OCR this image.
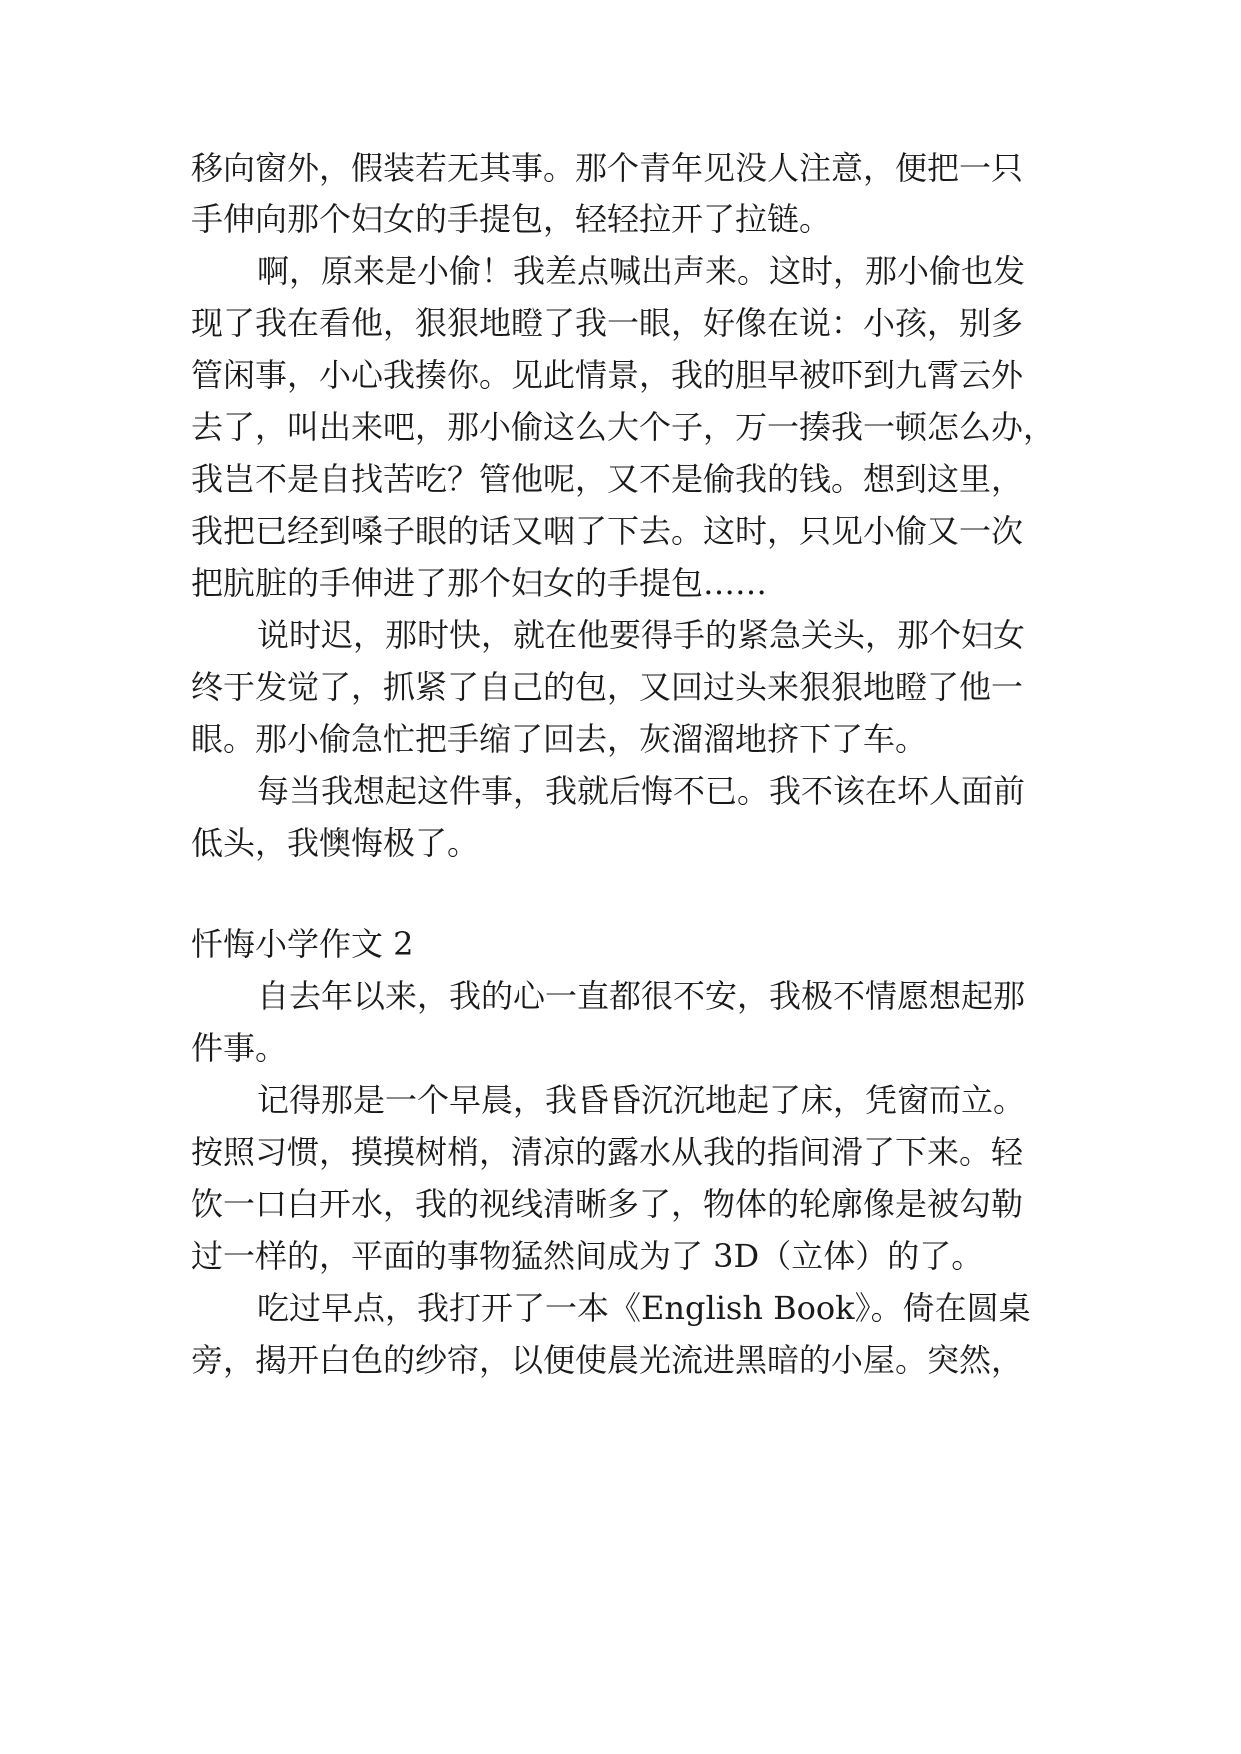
移向窗外，假装若无其事。那个青年见没人注意，便把一只
手伸向那个妇女的手提包，轻轻拉开了拉链。
啊，原来是小偷！我差点喊出声来。这时，那小偷也发
现了我在看他，狠狠地瞪了我一眼，好像在说：小孩，别多
管闲事，小心我揍你。见此情景，我的胆早被吓到九霄云外
去了，叫出来吧，那小偷这么大个子，万一揍我一顿怎么办，
我岂不是自找苦吃？管他呢，又不是偷我的钱。想到这里，
我把已经到嗓子眼的话又咽了下去。这时，只见小偷又一次
把肮脏的手伸进了那个妇女的手提包……
说时迟，那时快，就在他要得手的紧急关头，那个妇女
终于发觉了，抓紧了自己的包，又回过头来狠狠地瞪了他一
眼。那小偷急忙把手缩了回去，灰溜溜地挤下了车。
每当我想起这件事，我就后悔不已。我不该在坏人面前
低头，我懊悔极了。
忏悔小学作文 2
自去年以来，我的心一直都很不安，我极不情愿想起那
件事。
记得那是一个早晨，我昏昏沉沉地起了床，凭窗而立。
按照习惯，摸摸树梢，清凉的露水从我的指间滑了下来。轻
饮一口白开水，我的视线清晰多了，物体的轮廓像是被勾勒
过一样的，平面的事物猛然间成为了 3D（立体）的了。
吃过早点，我打开了一本《English Book》。倚在圆桌
旁，揭开白色的纱帘，以便使晨光流进黑暗的小屋。突然，
